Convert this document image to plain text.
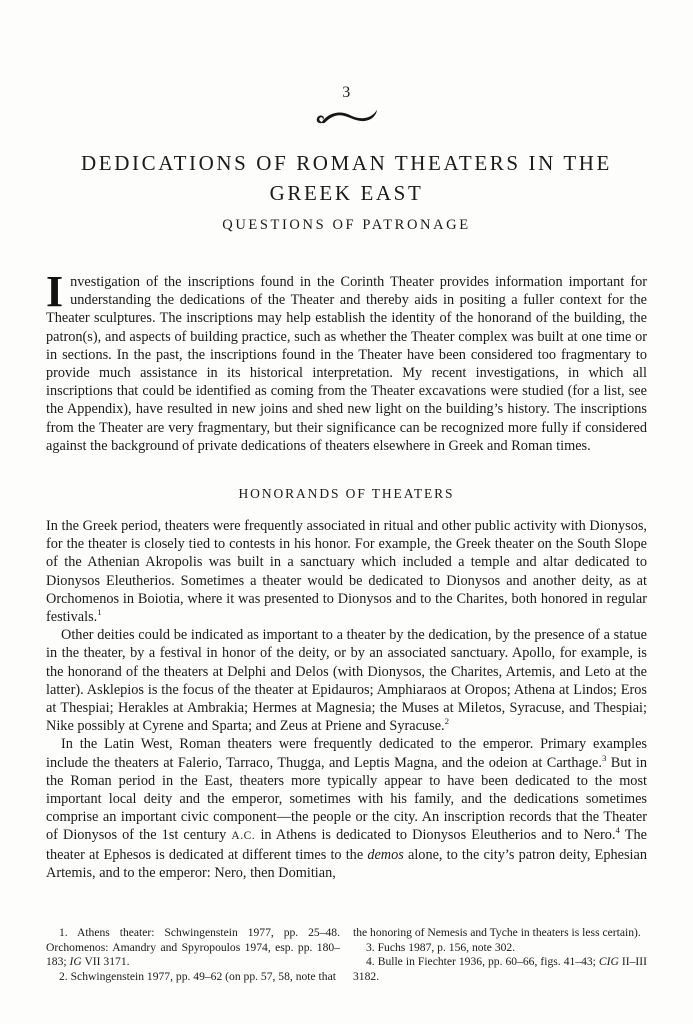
3
DEDICATIONS OF ROMAN THEATERS IN THE
GREEK EAST
QUESTIONS OF PATRONAGE

Investigation of the inscriptions found in the Corinth Theater provides information important for understanding the dedications of the Theater and thereby aids in positing a fuller context for the Theater sculptures. The inscriptions may help establish the identity of the honorand of the building, the patron(s), and aspects of building practice, such as whether the Theater complex was built at one time or in sections. In the past, the inscriptions found in the Theater have been considered too fragmentary to provide much assistance in its historical interpretation. My recent investigations, in which all inscriptions that could be identified as coming from the Theater excavations were studied (for a list, see the Appendix), have resulted in new joins and shed new light on the building’s history. The inscriptions from the Theater are very fragmentary, but their significance can be recognized more fully if considered against the background of private dedications of theaters elsewhere in Greek and Roman times.

HONORANDS OF THEATERS

In the Greek period, theaters were frequently associated in ritual and other public activity with Dionysos, for the theater is closely tied to contests in his honor. For example, the Greek theater on the South Slope of the Athenian Akropolis was built in a sanctuary which included a temple and altar dedicated to Dionysos Eleutherios. Sometimes a theater would be dedicated to Dionysos and another deity, as at Orchomenos in Boiotia, where it was presented to Dionysos and to the Charites, both honored in regular festivals.$^1$

Other deities could be indicated as important to a theater by the dedication, by the presence of a statue in the theater, by a festival in honor of the deity, or by an associated sanctuary. Apollo, for example, is the honorand of the theaters at Delphi and Delos (with Dionysos, the Charites, Artemis, and Leto at the latter). Asklepios is the focus of the theater at Epidauros; Amphiaraos at Oropos; Athena at Lindos; Eros at Thespiai; Herakles at Ambrakia; Hermes at Magnesia; the Muses at Miletos, Syracuse, and Thespiai; Nike possibly at Cyrene and Sparta; and Zeus at Priene and Syracuse.$^2$

In the Latin West, Roman theaters were frequently dedicated to the emperor. Primary examples include the theaters at Falerio, Tarraco, Thugga, and Leptis Magna, and the odeion at Carthage.$^3$ But in the Roman period in the East, theaters more typically appear to have been dedicated to the most important local deity and the emperor, sometimes with his family, and the dedications sometimes comprise an important civic component—the people or the city. An inscription records that the Theater of Dionysos of the 1st century A.C. in Athens is dedicated to Dionysos Eleutherios and to Nero.$^4$ The theater at Ephesos is dedicated at different times to the demos alone, to the city’s patron deity, Ephesian Artemis, and to the emperor: Nero, then Domitian,

1. Athens theater: Schwingenstein 1977, pp. 25–48. Orchomenos: Amandry and Spyropoulos 1974, esp. pp. 180–183; IG VII 3171.

2. Schwingenstein 1977, pp. 49–62 (on pp. 57, 58, note that

the honoring of Nemesis and Tyche in theaters is less certain).

3. Fuchs 1987, p. 156, note 302.

4. Bulle in Fiechter 1936, pp. 60–66, figs. 41–43; CIG II–III 3182.
